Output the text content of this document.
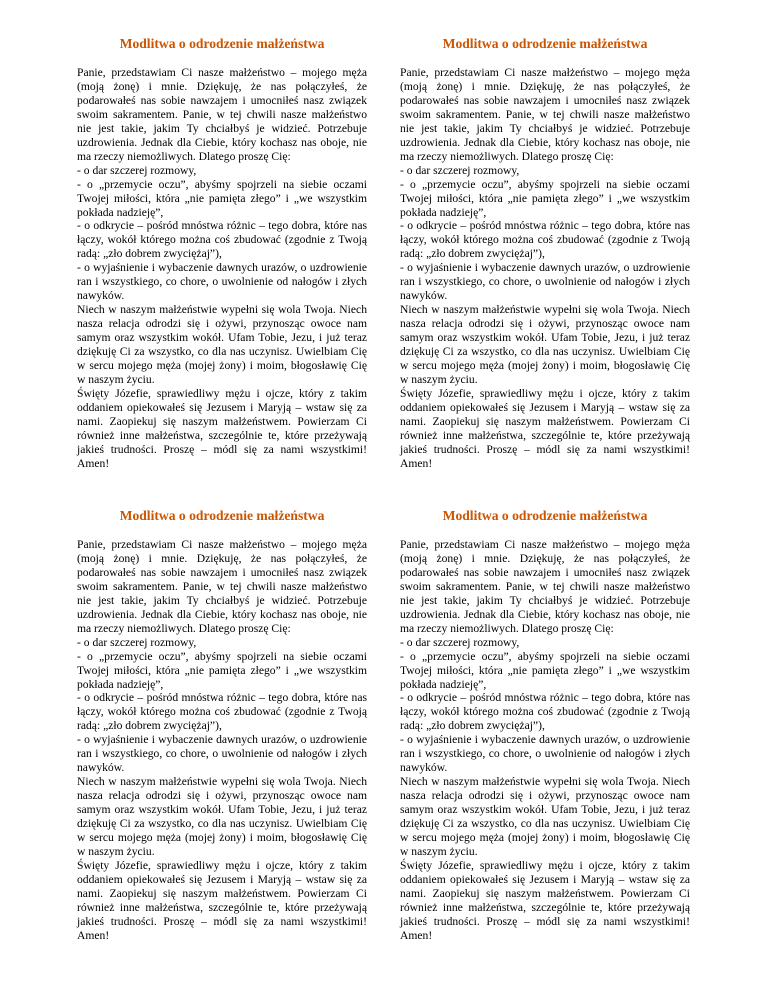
Modlitwa o odrodzenie małżeństwa

Panie, przedstawiam Ci nasze małżeństwo – mojego męża (moją żonę) i mnie. Dziękuję, że nas połączyłeś, że podarowałeś nas sobie nawzajem i umocniłeś nasz związek swoim sakramentem. Panie, w tej chwili nasze małżeństwo nie jest takie, jakim Ty chciałbyś je widzieć. Potrzebuje uzdrowienia. Jednak dla Ciebie, który kochasz nas oboje, nie ma rzeczy niemożliwych. Dlatego proszę Cię:

- o dar szczerej rozmowy,

- o „przemycie oczu”, abyśmy spojrzeli na siebie oczami Twojej miłości, która „nie pamięta złego” i „we wszystkim pokłada nadzieję”,

- o odkrycie – pośród mnóstwa różnic – tego dobra, które nas łączy, wokół którego można coś zbudować (zgodnie z Twoją radą: „zło dobrem zwyciężaj”),

- o wyjaśnienie i wybaczenie dawnych urazów, o uzdrowienie ran i wszystkiego, co chore, o uwolnienie od nałogów i złych nawyków.

Niech w naszym małżeństwie wypełni się wola Twoja. Niech nasza relacja odrodzi się i ożywi, przynosząc owoce nam samym oraz wszystkim wokół. Ufam Tobie, Jezu, i już teraz dziękuję Ci za wszystko, co dla nas uczynisz. Uwielbiam Cię w sercu mojego męża (mojej żony) i moim, błogosławię Cię w naszym życiu.

Święty Józefie, sprawiedliwy mężu i ojcze, który z takim oddaniem opiekowałeś się Jezusem i Maryją – wstaw się za nami. Zaopiekuj się naszym małżeństwem. Powierzam Ci również inne małżeństwa, szczególnie te, które przeżywają jakieś trudności. Proszę – módl się za nami wszystkimi! Amen!

Modlitwa o odrodzenie małżeństwa

Panie, przedstawiam Ci nasze małżeństwo – mojego męża (moją żonę) i mnie. Dziękuję, że nas połączyłeś, że podarowałeś nas sobie nawzajem i umocniłeś nasz związek swoim sakramentem. Panie, w tej chwili nasze małżeństwo nie jest takie, jakim Ty chciałbyś je widzieć. Potrzebuje uzdrowienia. Jednak dla Ciebie, który kochasz nas oboje, nie ma rzeczy niemożliwych. Dlatego proszę Cię:

- o dar szczerej rozmowy,

- o „przemycie oczu”, abyśmy spojrzeli na siebie oczami Twojej miłości, która „nie pamięta złego” i „we wszystkim pokłada nadzieję”,

- o odkrycie – pośród mnóstwa różnic – tego dobra, które nas łączy, wokół którego można coś zbudować (zgodnie z Twoją radą: „zło dobrem zwyciężaj”),

- o wyjaśnienie i wybaczenie dawnych urazów, o uzdrowienie ran i wszystkiego, co chore, o uwolnienie od nałogów i złych nawyków.

Niech w naszym małżeństwie wypełni się wola Twoja. Niech nasza relacja odrodzi się i ożywi, przynosząc owoce nam samym oraz wszystkim wokół. Ufam Tobie, Jezu, i już teraz dziękuję Ci za wszystko, co dla nas uczynisz. Uwielbiam Cię w sercu mojego męża (mojej żony) i moim, błogosławię Cię w naszym życiu.

Święty Józefie, sprawiedliwy mężu i ojcze, który z takim oddaniem opiekowałeś się Jezusem i Maryją – wstaw się za nami. Zaopiekuj się naszym małżeństwem. Powierzam Ci również inne małżeństwa, szczególnie te, które przeżywają jakieś trudności. Proszę – módl się za nami wszystkimi! Amen!

Modlitwa o odrodzenie małżeństwa

Panie, przedstawiam Ci nasze małżeństwo – mojego męża (moją żonę) i mnie. Dziękuję, że nas połączyłeś, że podarowałeś nas sobie nawzajem i umocniłeś nasz związek swoim sakramentem. Panie, w tej chwili nasze małżeństwo nie jest takie, jakim Ty chciałbyś je widzieć. Potrzebuje uzdrowienia. Jednak dla Ciebie, który kochasz nas oboje, nie ma rzeczy niemożliwych. Dlatego proszę Cię:

- o dar szczerej rozmowy,

- o „przemycie oczu”, abyśmy spojrzeli na siebie oczami Twojej miłości, która „nie pamięta złego” i „we wszystkim pokłada nadzieję”,

- o odkrycie – pośród mnóstwa różnic – tego dobra, które nas łączy, wokół którego można coś zbudować (zgodnie z Twoją radą: „zło dobrem zwyciężaj”),

- o wyjaśnienie i wybaczenie dawnych urazów, o uzdrowienie ran i wszystkiego, co chore, o uwolnienie od nałogów i złych nawyków.

Niech w naszym małżeństwie wypełni się wola Twoja. Niech nasza relacja odrodzi się i ożywi, przynosząc owoce nam samym oraz wszystkim wokół. Ufam Tobie, Jezu, i już teraz dziękuję Ci za wszystko, co dla nas uczynisz. Uwielbiam Cię w sercu mojego męża (mojej żony) i moim, błogosławię Cię w naszym życiu.

Święty Józefie, sprawiedliwy mężu i ojcze, który z takim oddaniem opiekowałeś się Jezusem i Maryją – wstaw się za nami. Zaopiekuj się naszym małżeństwem. Powierzam Ci również inne małżeństwa, szczególnie te, które przeżywają jakieś trudności. Proszę – módl się za nami wszystkimi! Amen!

Modlitwa o odrodzenie małżeństwa

Panie, przedstawiam Ci nasze małżeństwo – mojego męża (moją żonę) i mnie. Dziękuję, że nas połączyłeś, że podarowałeś nas sobie nawzajem i umocniłeś nasz związek swoim sakramentem. Panie, w tej chwili nasze małżeństwo nie jest takie, jakim Ty chciałbyś je widzieć. Potrzebuje uzdrowienia. Jednak dla Ciebie, który kochasz nas oboje, nie ma rzeczy niemożliwych. Dlatego proszę Cię:

- o dar szczerej rozmowy,

- o „przemycie oczu”, abyśmy spojrzeli na siebie oczami Twojej miłości, która „nie pamięta złego” i „we wszystkim pokłada nadzieję”,

- o odkrycie – pośród mnóstwa różnic – tego dobra, które nas łączy, wokół którego można coś zbudować (zgodnie z Twoją radą: „zło dobrem zwyciężaj”),

- o wyjaśnienie i wybaczenie dawnych urazów, o uzdrowienie ran i wszystkiego, co chore, o uwolnienie od nałogów i złych nawyków.

Niech w naszym małżeństwie wypełni się wola Twoja. Niech nasza relacja odrodzi się i ożywi, przynosząc owoce nam samym oraz wszystkim wokół. Ufam Tobie, Jezu, i już teraz dziękuję Ci za wszystko, co dla nas uczynisz. Uwielbiam Cię w sercu mojego męża (mojej żony) i moim, błogosławię Cię w naszym życiu.

Święty Józefie, sprawiedliwy mężu i ojcze, który z takim oddaniem opiekowałeś się Jezusem i Maryją – wstaw się za nami. Zaopiekuj się naszym małżeństwem. Powierzam Ci również inne małżeństwa, szczególnie te, które przeżywają jakieś trudności. Proszę – módl się za nami wszystkimi! Amen!
